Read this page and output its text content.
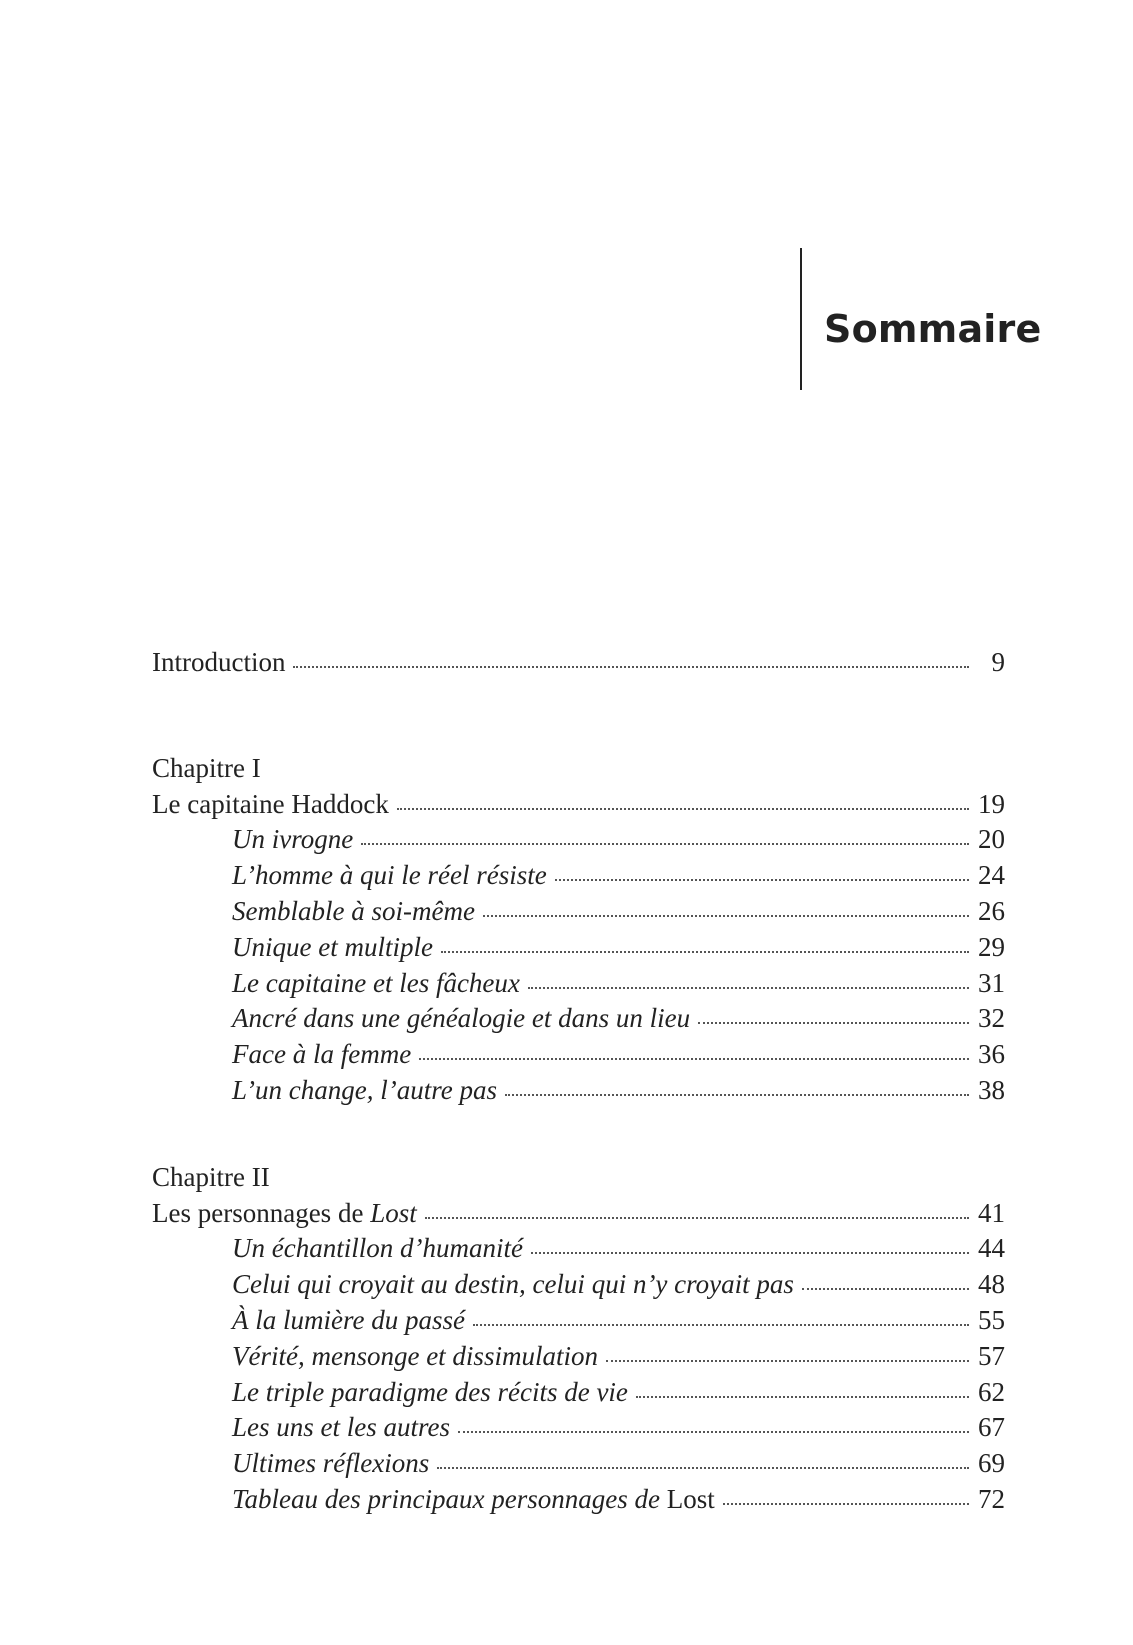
Sommaire
Introduction	9
Chapitre I
Le capitaine Haddock	19
Un ivrogne	20
L’homme à qui le réel résiste	24
Semblable à soi-même	26
Unique et multiple	29
Le capitaine et les fâcheux	31
Ancré dans une généalogie et dans un lieu	32
Face à la femme	36
L’un change, l’autre pas	38
Chapitre II
Les personnages de Lost	41
Un échantillon d’humanité	44
Celui qui croyait au destin, celui qui n’y croyait pas	48
À la lumière du passé	55
Vérité, mensonge et dissimulation	57
Le triple paradigme des récits de vie	62
Les uns et les autres	67
Ultimes réflexions	69
Tableau des principaux personnages de Lost	72
